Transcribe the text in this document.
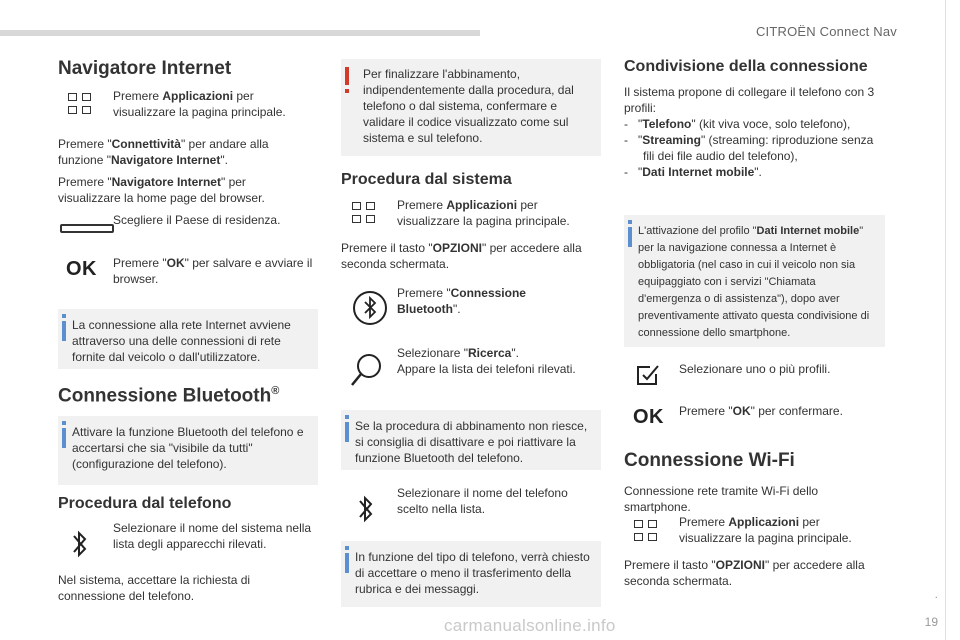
CITROËN Connect Nav
.
19
Navigatore Internet
Premere Applicazioni per visualizzare la pagina principale.
Premere "Connettività" per andare alla funzione "Navigatore Internet".
Premere "Navigatore Internet" per visualizzare la home page del browser.
Scegliere il Paese di residenza.
OK Premere "OK" per salvare e avviare il browser.
La connessione alla rete Internet avviene attraverso una delle connessioni di rete fornite dal veicolo o dall'utilizzatore.
Connessione Bluetooth®
Attivare la funzione Bluetooth del telefono e accertarsi che sia "visibile da tutti" (configurazione del telefono).
Procedura dal telefono
Selezionare il nome del sistema nella lista degli apparecchi rilevati.
Nel sistema, accettare la richiesta di connessione del telefono.
Per finalizzare l'abbinamento, indipendentemente dalla procedura, dal telefono o dal sistema, confermare e validare il codice visualizzato come sul sistema e sul telefono.
Procedura dal sistema
Premere Applicazioni per visualizzare la pagina principale.
Premere il tasto "OPZIONI" per accedere alla seconda schermata.
Premere "Connessione Bluetooth".
Selezionare "Ricerca".
Appare la lista dei telefoni rilevati.
Se la procedura di abbinamento non riesce, si consiglia di disattivare e poi riattivare la funzione Bluetooth del telefono.
Selezionare il nome del telefono scelto nella lista.
In funzione del tipo di telefono, verrà chiesto di accettare o meno il trasferimento della rubrica e dei messaggi.
Condivisione della connessione
Il sistema propone di collegare il telefono con 3 profili:
-   "Telefono" (kit viva voce, solo telefono),
-   "Streaming" (streaming: riproduzione senza fili dei file audio del telefono),
-   "Dati Internet mobile".
L'attivazione del profilo "Dati Internet mobile" per la navigazione connessa a Internet è obbligatoria (nel caso in cui il veicolo non sia equipaggiato con i servizi "Chiamata d'emergenza o di assistenza"), dopo aver preventivamente attivato questa condivisione di connessione dello smartphone.
Selezionare uno o più profili.
OK Premere "OK" per confermare.
Connessione Wi-Fi
Connessione rete tramite Wi-Fi dello smartphone.
Premere Applicazioni per visualizzare la pagina principale.
Premere il tasto "OPZIONI" per accedere alla seconda schermata.
carmanualsonline.info
